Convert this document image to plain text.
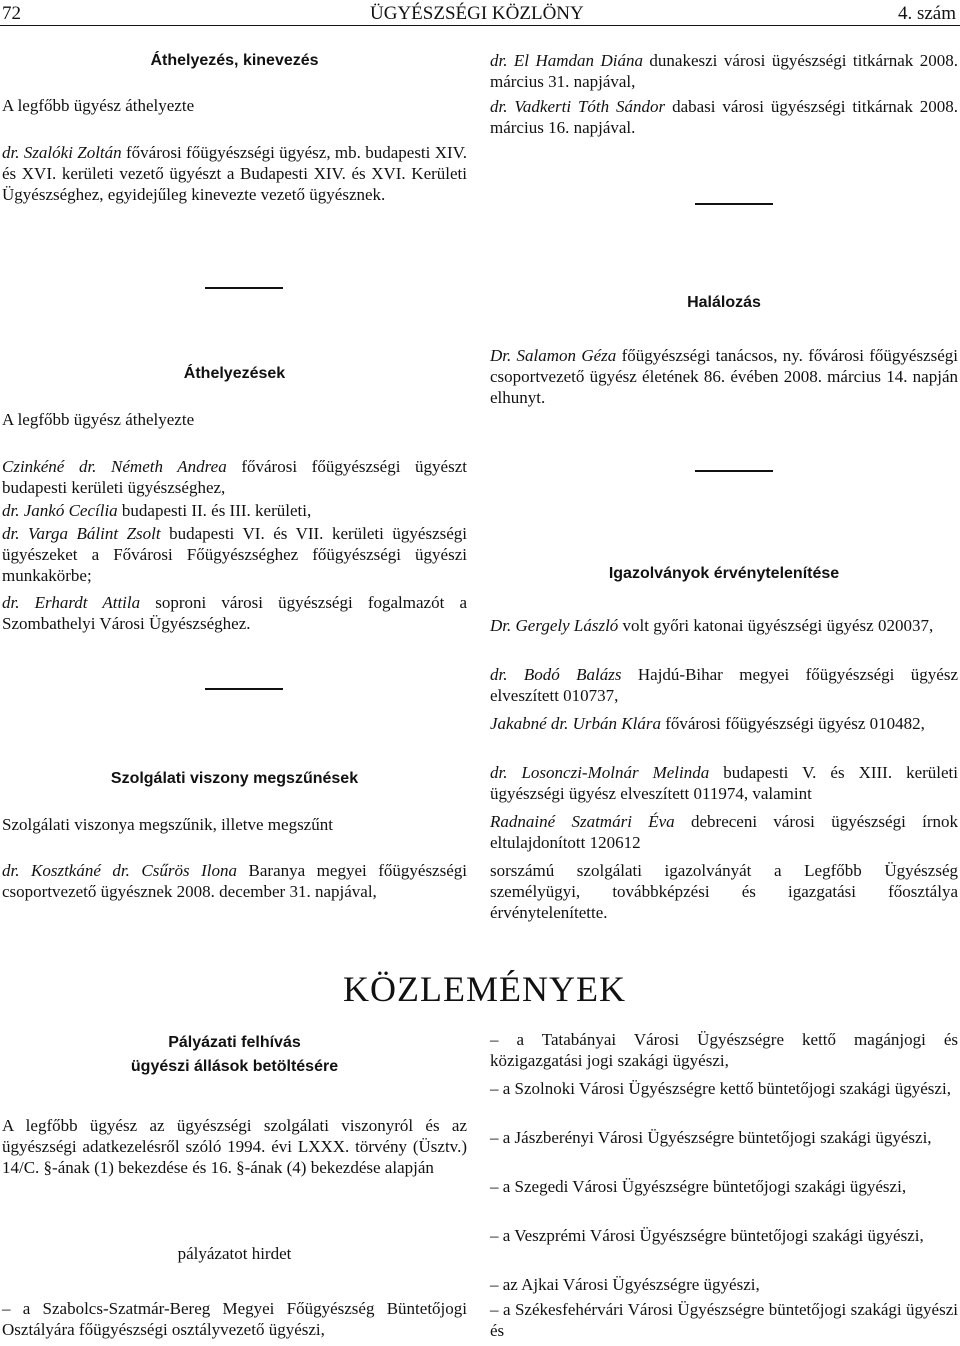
72	ÜGYÉSZSÉGI KÖZLÖNY	4. szám
Áthelyezés, kinevezés
A legfőbb ügyész áthelyezte
dr. Szalóki Zoltán fővárosi főügyészségi ügyész, mb. budapesti XIV. és XVI. kerületi vezető ügyészt a Budapesti XIV. és XVI. Kerületi Ügyészséghez, egyidejűleg kinevezte vezető ügyésznek.
Áthelyezések
A legfőbb ügyész áthelyezte
Czinkéné dr. Németh Andrea fővárosi főügyészségi ügyészt budapesti kerületi ügyészséghez,
dr. Jankó Cecília budapesti II. és III. kerületi,
dr. Varga Bálint Zsolt budapesti VI. és VII. kerületi ügyészségi ügyészeket a Fővárosi Főügyészséghez főügyészségi ügyészi munkakörbe;
dr. Erhardt Attila soproni városi ügyészségi fogalmazót a Szombathelyi Városi Ügyészséghez.
Szolgálati viszony megszűnések
Szolgálati viszonya megszűnik, illetve megszűnt
dr. Kosztkáné dr. Csűrös Ilona Baranya megyei főügyészségi csoportvezető ügyésznek 2008. december 31. napjával,
dr. El Hamdan Diána dunakeszi városi ügyészségi titkárnak 2008. március 31. napjával,
dr. Vadkerti Tóth Sándor dabasi városi ügyészségi titkárnak 2008. március 16. napjával.
Halálozás
Dr. Salamon Géza főügyészségi tanácsos, ny. fővárosi főügyészségi csoportvezető ügyész életének 86. évében 2008. március 14. napján elhunyt.
Igazolványok érvénytelenítése
Dr. Gergely László volt győri katonai ügyészségi ügyész 020037,
dr. Bodó Balázs Hajdú-Bihar megyei főügyészségi ügyész elveszített 010737,
Jakabné dr. Urbán Klára fővárosi főügyészségi ügyész 010482,
dr. Losonczi-Molnár Melinda budapesti V. és XIII. kerületi ügyészségi ügyész elveszített 011974, valamint
Radnainé Szatmári Éva debreceni városi ügyészségi írnok eltulajdonított 120612
sorszámú szolgálati igazolványát a Legfőbb Ügyészség személyügyi, továbbképzési és igazgatási főosztálya érvénytelenítette.
KÖZLEMÉNYEK
Pályázati felhívás
ügyészi állások betöltésére
A legfőbb ügyész az ügyészségi szolgálati viszonyról és az ügyészségi adatkezelésről szóló 1994. évi LXXX. törvény (Üsztv.) 14/C. §-ának (1) bekezdése és 16. §-ának (4) bekezdése alapján
pályázatot hirdet
– a Szabolcs-Szatmár-Bereg Megyei Főügyészség Büntetőjogi Osztályára főügyészségi osztályvezető ügyészi,
– a Tatabányai Városi Ügyészségre kettő magánjogi és közigazgatási jogi szakági ügyészi,
– a Szolnoki Városi Ügyészségre kettő büntetőjogi szakági ügyészi,
– a Jászberényi Városi Ügyészségre büntetőjogi szakági ügyészi,
– a Szegedi Városi Ügyészségre büntetőjogi szakági ügyészi,
– a Veszprémi Városi Ügyészségre büntetőjogi szakági ügyészi,
– az Ajkai Városi Ügyészségre ügyészi,
– a Székesfehérvári Városi Ügyészségre büntetőjogi szakági ügyészi és
